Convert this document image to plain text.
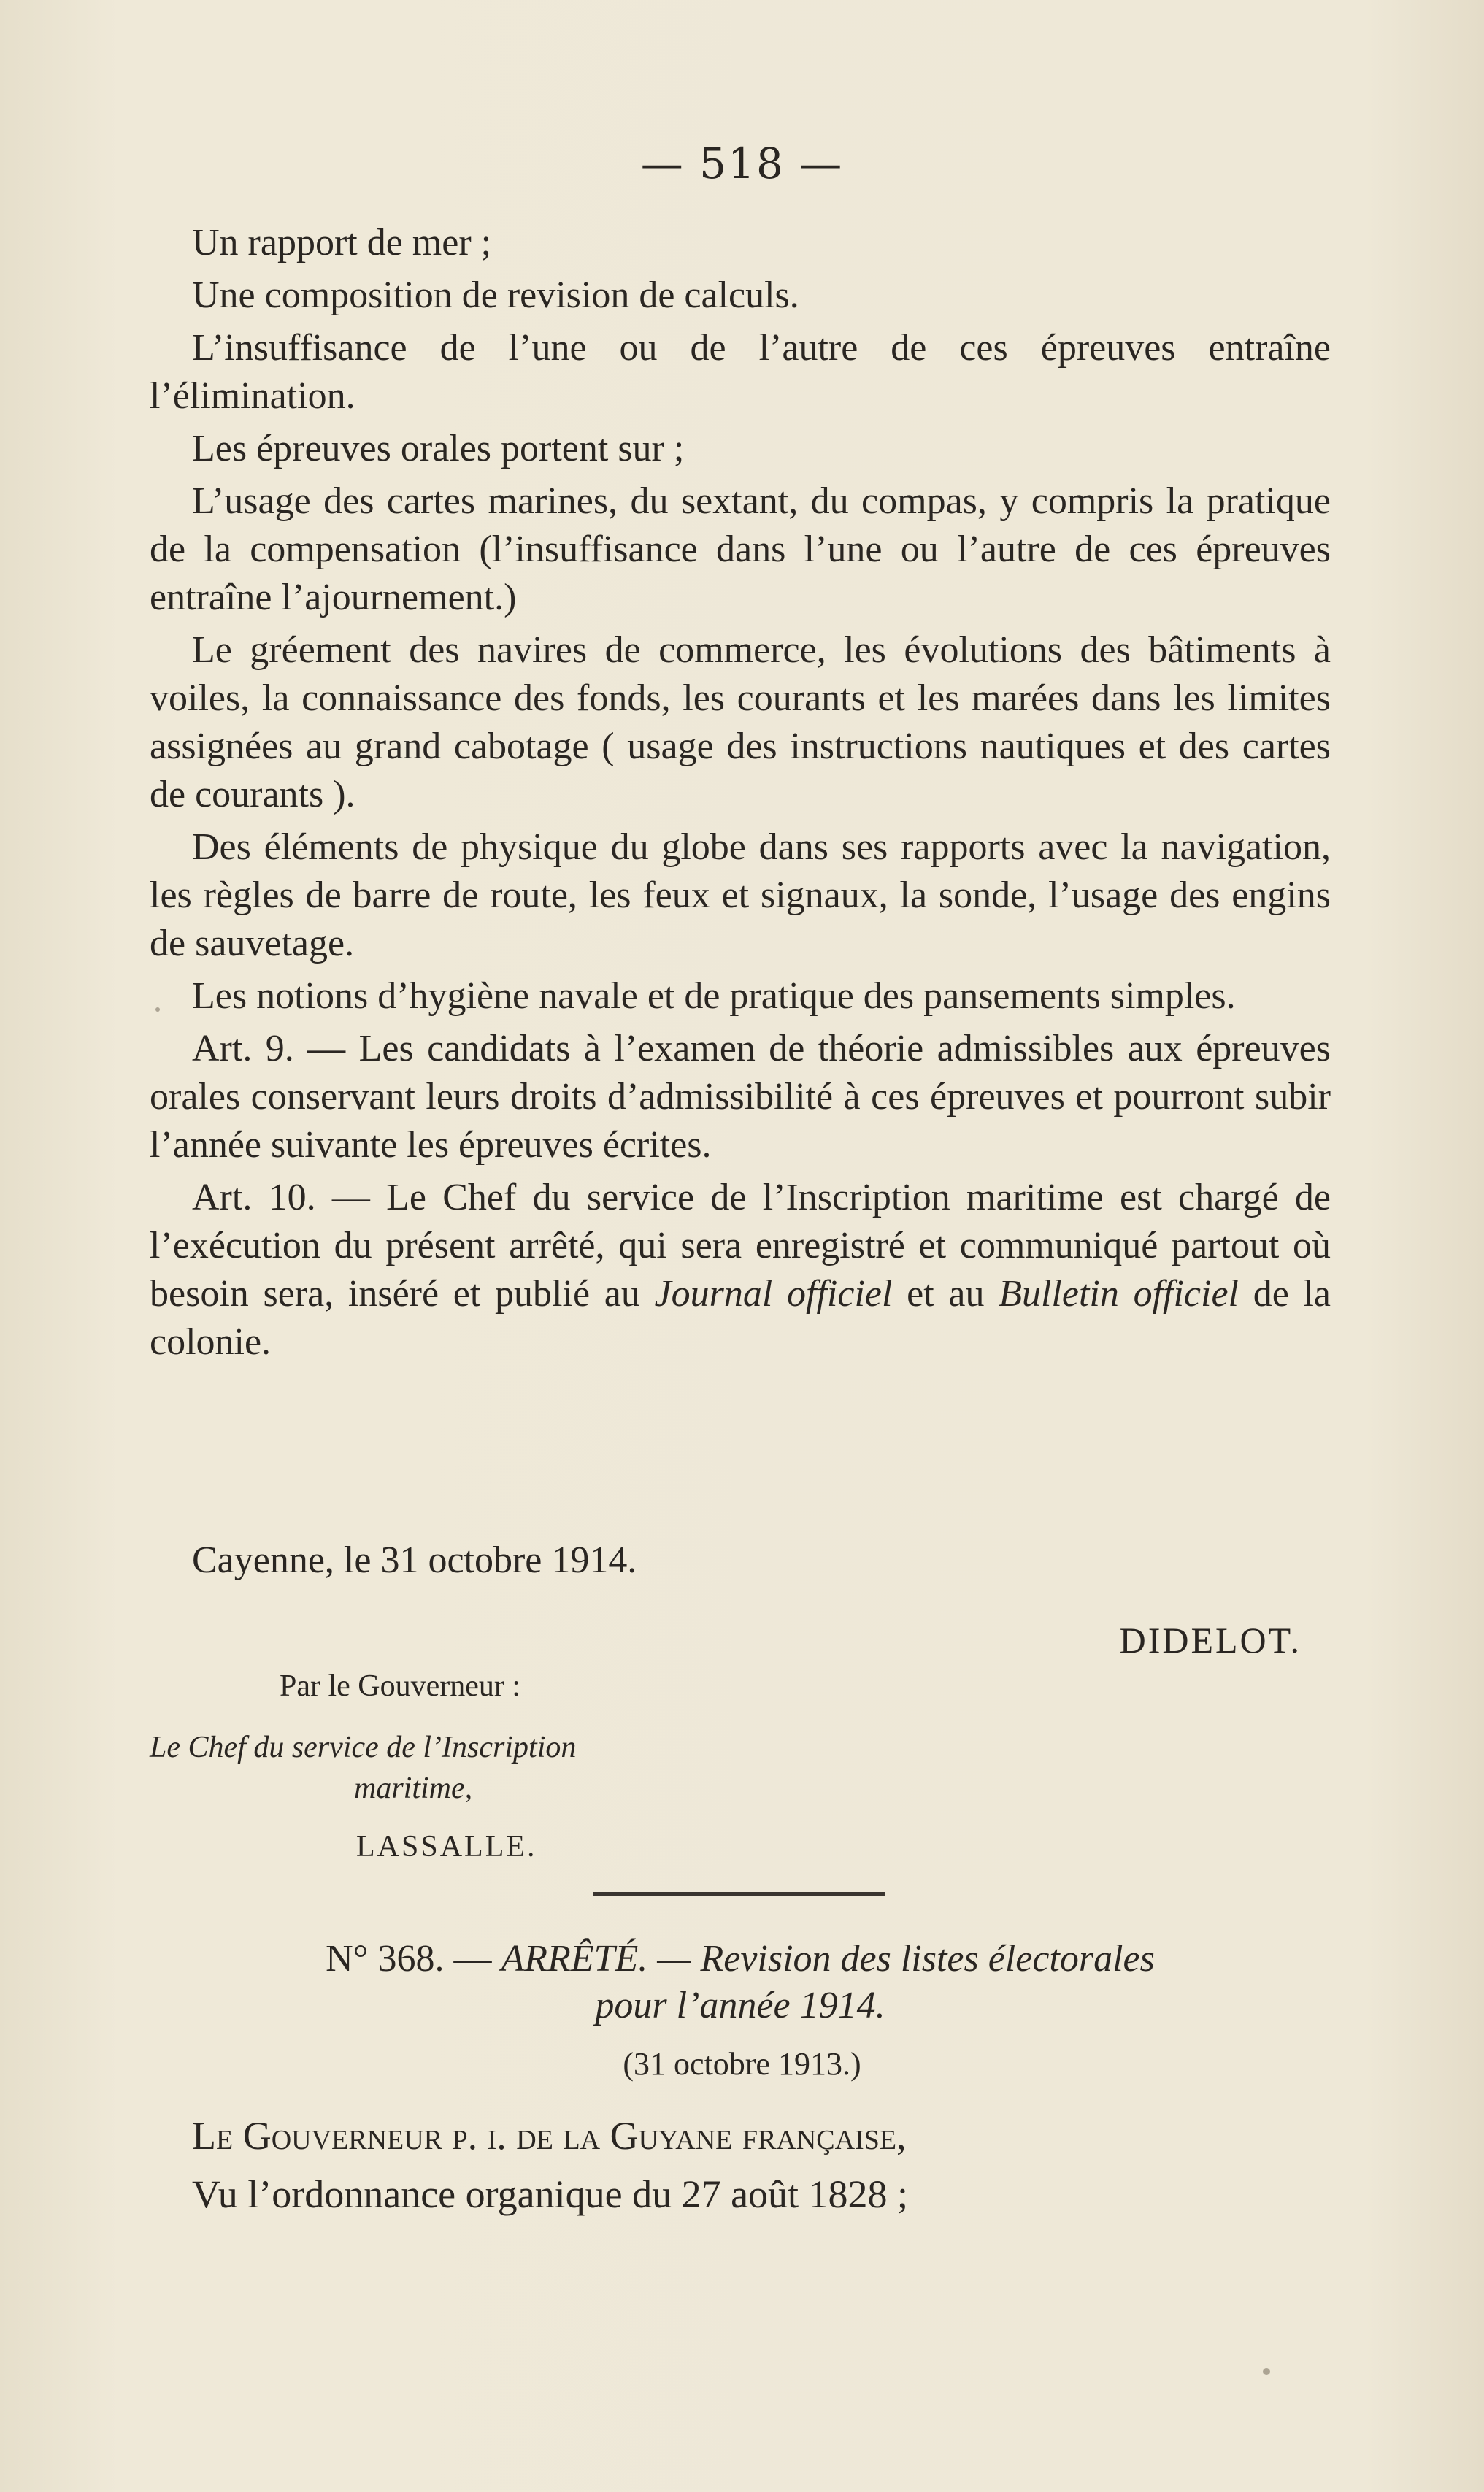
— 518 —

Un rapport de mer ;

Une composition de revision de calculs.

L’insuffisance de l’une ou de l’autre de ces épreuves entraîne l’élimination.

Les épreuves orales portent sur ;

L’usage des cartes marines, du sextant, du compas, y compris la pratique de la compensation (l’insuffisance dans l’une ou l’autre de ces épreuves entraîne l’ajournement.)

Le gréement des navires de commerce, les évolutions des bâtiments à voiles, la connaissance des fonds, les courants et les marées dans les limites assignées au grand cabotage ( usage des instructions nautiques et des cartes de courants ).

Des éléments de physique du globe dans ses rapports avec la navigation, les règles de barre de route, les feux et signaux, la sonde, l’usage des engins de sauvetage.

Les notions d’hygiène navale et de pratique des pansements simples.

Art. 9. — Les candidats à l’examen de théorie admissibles aux épreuves orales conservant leurs droits d’admissibilité à ces épreuves et pourront subir l’année suivante les épreuves écrites.

Art. 10. — Le Chef du service de l’Inscription maritime est chargé de l’exécution du présent arrêté, qui sera enregistré et communiqué partout où besoin sera, inséré et publié au Journal officiel et au Bulletin officiel de la colonie.

Cayenne, le 31 octobre 1914.
DIDELOT.
Par le Gouverneur :
Le Chef du service de l’Inscription
maritime,
LASSALLE.
N° 368. — ARRÊTÉ. — Revision des listes électorales
pour l’année 1914.
(31 octobre 1913.)

Le Gouverneur p. i. de la Guyane française,

Vu l’ordonnance organique du 27 août 1828 ;
